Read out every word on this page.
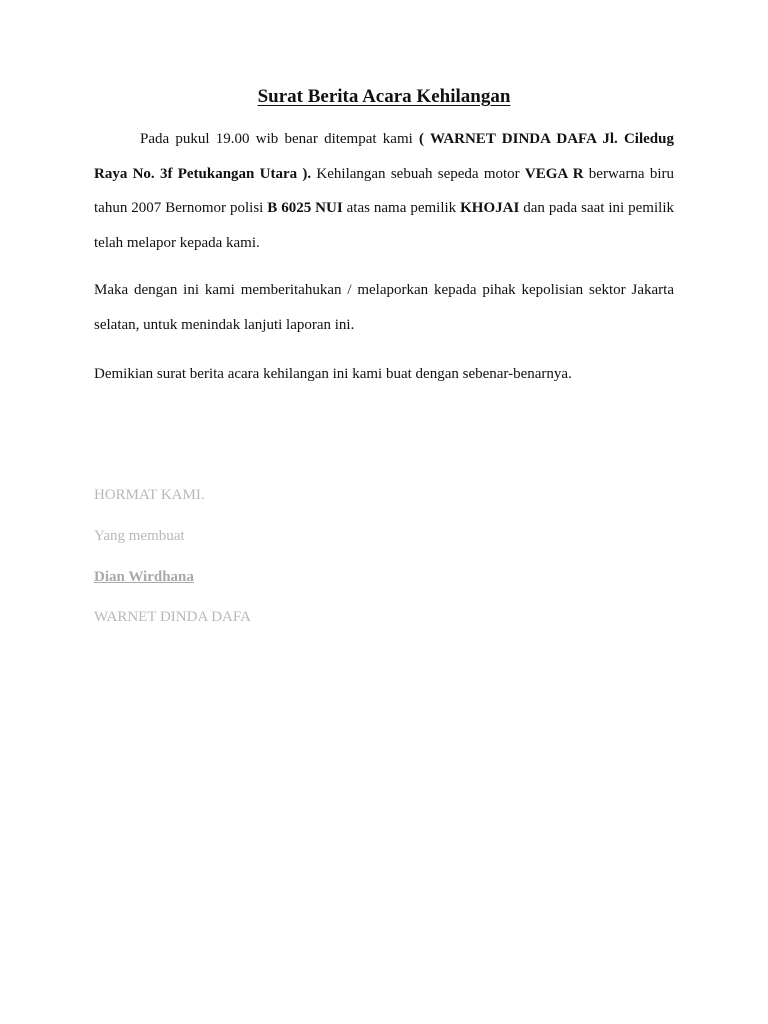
Surat Berita Acara Kehilangan

Pada pukul 19.00 wib benar ditempat kami ( WARNET DINDA DAFA Jl. Ciledug Raya No. 3f Petukangan Utara ). Kehilangan sebuah sepeda motor VEGA R berwarna biru tahun 2007 Bernomor polisi B 6025 NUI atas nama pemilik KHOJAI dan pada saat ini pemilik telah melapor kepada kami.

Maka dengan ini kami memberitahukan / melaporkan kepada pihak kepolisian sektor Jakarta selatan, untuk menindak lanjuti laporan ini.

Demikian surat berita acara kehilangan ini kami buat dengan sebenar-benarnya.

HORMAT KAMI.
Yang membuat
Dian Wirdhana
WARNET DINDA DAFA
